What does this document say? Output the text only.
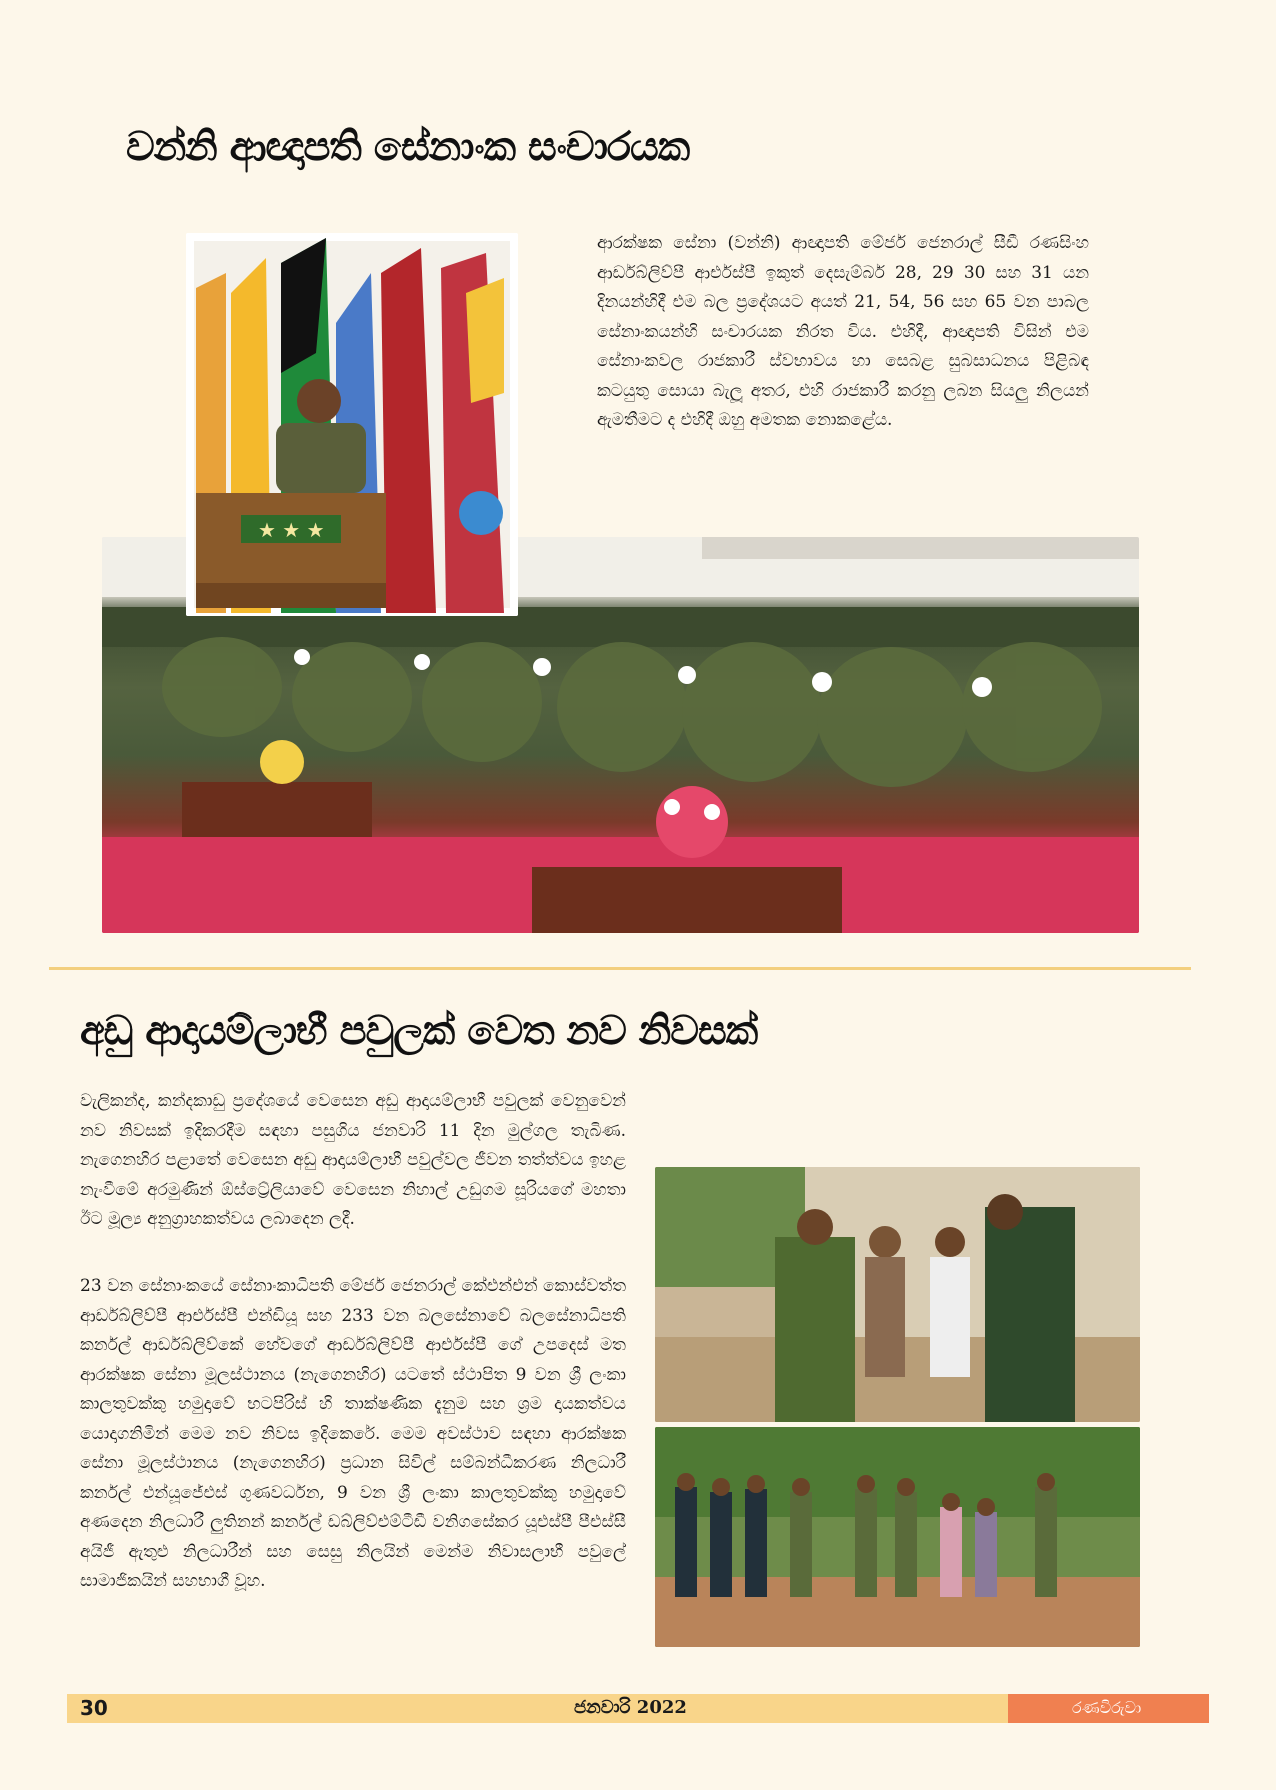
වන්නි ආඥාපති සේනාංක සංචාරයක

ආරක්ෂක සේනා (වන්නි) ආඥාපති මේජර් ජෙනරාල් සීඩී රණසිංහ ආර්ඩබ්ලිව්පී ආර්එස්පී ඉකුත් දෙසැම්බර් 28, 29 30 සහ 31 යන දිනයන්හිදී එම බල ප්‍රදේශයට අයත් 21, 54, 56 සහ 65 වන පාබල සේනාංකයන්හි සංචාරයක නිරත විය. එහිදී, ආඥාපති විසින් එම සේනාංකවල රාජකාරී ස්වභාවය හා සෙබළ සුබසාධනය පිළිබඳ කටයුතු සොයා බැලූ අතර, එහි රාජකාරී කරනු ලබන සියලු නිලයන් ඇමතීමට ද එහිදී ඔහු අමතක නොකළේය.

★ ★ ★
අඩු ආදායම්ලාභී පවුලක් වෙත නව නිවසක්

වැලිකන්ද, කන්දකාඩු ප්‍රදේශයේ වෙසෙන අඩු ආදායම්ලාභී පවුලක් වෙනුවෙන් නව නිවසක් ඉදිකරදීම සඳහා පසුගිය ජනවාරි 11 දින මුල්ගල තැබිණ. නැගෙනහිර පළාතේ වෙසෙන අඩු ආදායම්ලාභී පවුල්වල ජීවන තත්ත්වය ඉහළ නැංවීමේ අරමුණින් ඕස්ට්‍රේලියාවේ වෙසෙන නිහාල් උඩුගම සූරියගේ මහතා ඊට මූල්‍ය අනුග්‍රාහකත්වය ලබාදෙන ලදී.

23 වන සේනාංකයේ සේනාංකාධිපති මේජර් ජෙනරාල් කේඑන්එන් කොස්වත්ත ආර්ඩබ්ලිව්පී ආර්එස්පී එන්ඩියූ සහ 233 වන බලසේනාවේ බලසේනාධිපති කර්නල් ආර්ඩබ්ලිව්කේ හේවගේ ආර්ඩබ්ලිව්පී ආර්එස්පී ගේ උපදෙස් මත ආරක්ෂක සේනා මූලස්ථානය (නැගෙනහිර) යටතේ ස්ථාපිත 9 වන ශ්‍රී ලංකා කාලතුවක්කු හමුදාවේ භටපිරිස් හි තාක්ෂණික දැනුම සහ ශ්‍රම දායකත්වය යොදාගනිමින් මෙම නව නිවස ඉදිකෙරේ. මෙම අවස්ථාව සඳහා ආරක්ෂක සේනා මූලස්ථානය (නැගෙනහිර) ප්‍රධාන සිවිල් සම්බන්ධීකරණ නිලධාරී කර්නල් එන්යූජේඑස් ගුණවර්ධන, 9 වන ශ්‍රී ලංකා කාලතුවක්කු හමුදාවේ අණදෙන නිලධාරී ලුතිනන් කර්නල් ඩබ්ලිව්එම්ටීඩී වනිගසේකර යූඑස්පී පීඑස්සී අයිජී ඇතුළු නිලධාරීන් සහ සෙසු නිලයින් මෙන්ම නිවාසලාභී පවුලේ සාමාජිකයින් සහභාගී වූහ.

30	ජනවාරි 2022	රණවිරුවා
